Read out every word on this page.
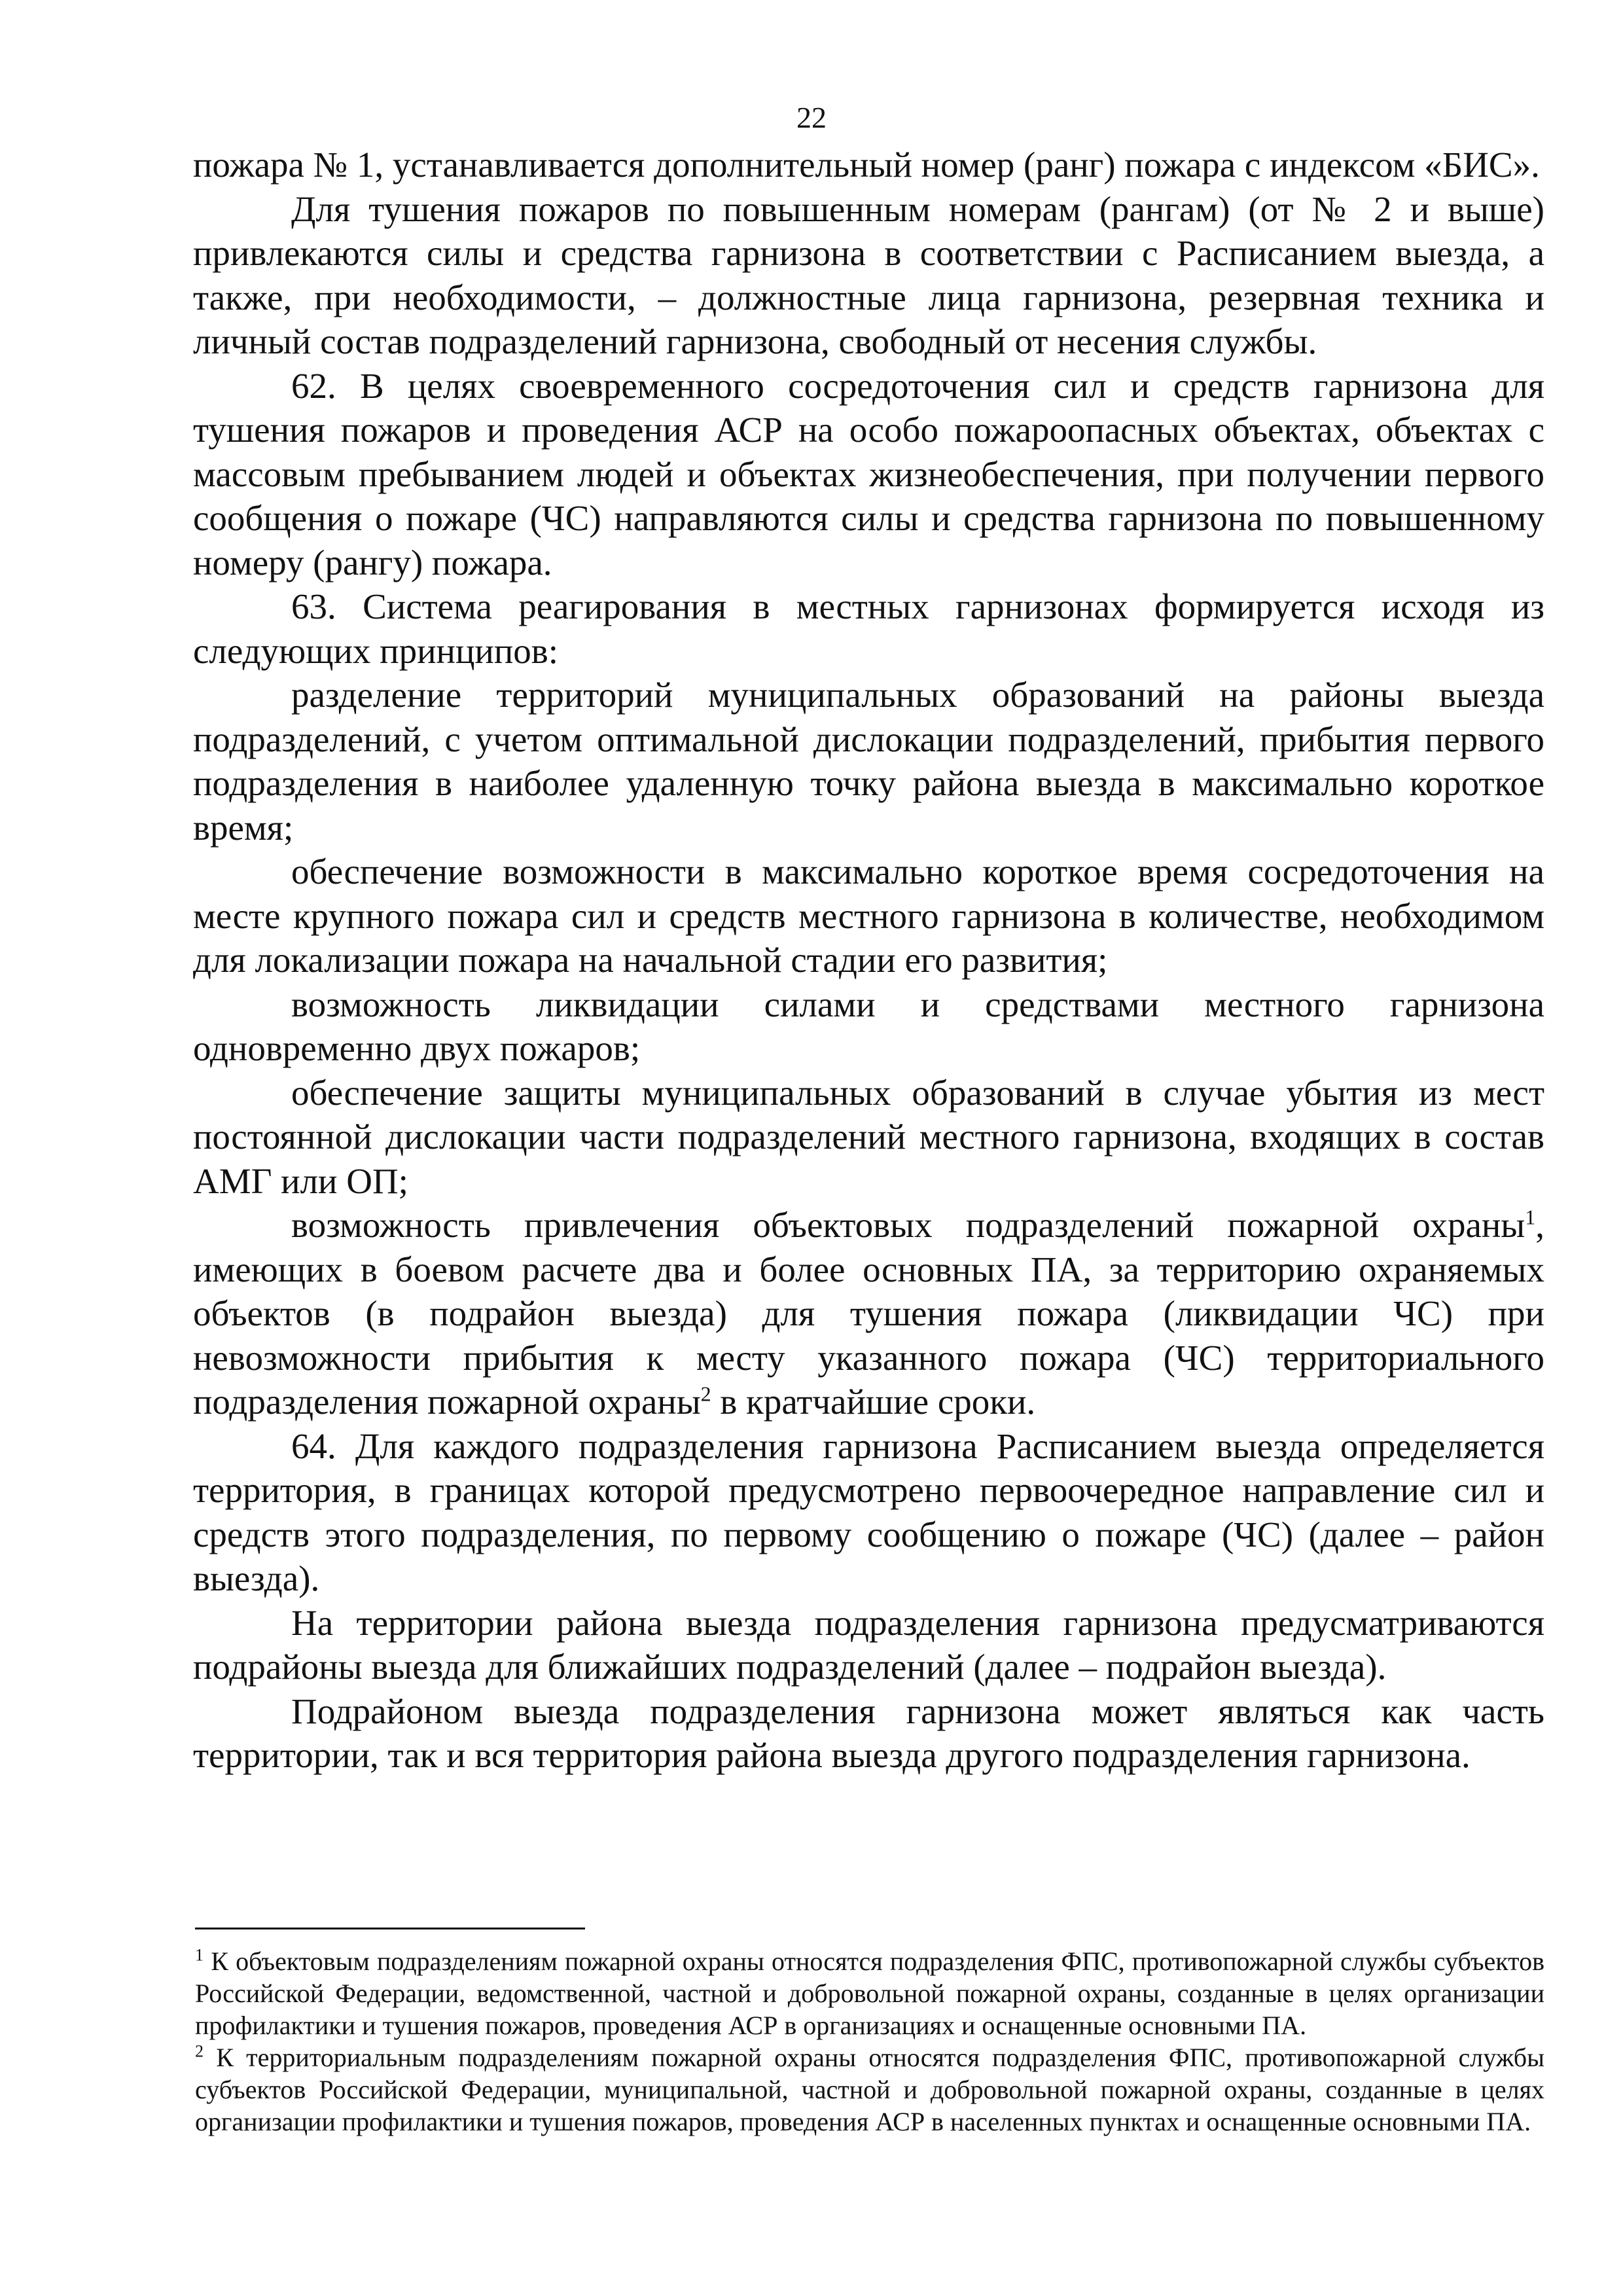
22

пожара № 1, устанавливается дополнительный номер (ранг) пожара с индексом «БИС».

Для тушения пожаров по повышенным номерам (рангам) (от № 2 и выше) привлекаются силы и средства гарнизона в соответствии с Расписанием выезда, а также, при необходимости, – должностные лица гарнизона, резервная техника и личный состав подразделений гарнизона, свободный от несения службы.

62. В целях своевременного сосредоточения сил и средств гарнизона для тушения пожаров и проведения АСР на особо пожароопасных объектах, объектах с массовым пребыванием людей и объектах жизнеобеспечения, при получении первого сообщения о пожаре (ЧС) направляются силы и средства гарнизона по повышенному номеру (рангу) пожара.

63. Система реагирования в местных гарнизонах формируется исходя из следующих принципов:

разделение территорий муниципальных образований на районы выезда подразделений, с учетом оптимальной дислокации подразделений, прибытия первого подразделения в наиболее удаленную точку района выезда в максимально короткое время;

обеспечение возможности в максимально короткое время сосредоточения на месте крупного пожара сил и средств местного гарнизона в количестве, необходимом для локализации пожара на начальной стадии его развития;

возможность ликвидации силами и средствами местного гарнизона одновременно двух пожаров;

обеспечение защиты муниципальных образований в случае убытия из мест постоянной дислокации части подразделений местного гарнизона, входящих в состав АМГ или ОП;

возможность привлечения объектовых подразделений пожарной охраны$^1$, имеющих в боевом расчете два и более основных ПА, за территорию охраняемых объектов (в подрайон выезда) для тушения пожара (ликвидации ЧС) при невозможности прибытия к месту указанного пожара (ЧС) территориального подразделения пожарной охраны$^2$ в кратчайшие сроки.

64. Для каждого подразделения гарнизона Расписанием выезда определяется территория, в границах которой предусмотрено первоочередное направление сил и средств этого подразделения, по первому сообщению о пожаре (ЧС) (далее – район выезда).

На территории района выезда подразделения гарнизона предусматриваются подрайоны выезда для ближайших подразделений (далее – подрайон выезда).

Подрайоном выезда подразделения гарнизона может являться как часть территории, так и вся территория района выезда другого подразделения гарнизона.

$^1$ К объектовым подразделениям пожарной охраны относятся подразделения ФПС, противопожарной службы субъектов Российской Федерации, ведомственной, частной и добровольной пожарной охраны, созданные в целях организации профилактики и тушения пожаров, проведения АСР в организациях и оснащенные основными ПА.

$^2$ К территориальным подразделениям пожарной охраны относятся подразделения ФПС, противопожарной службы субъектов Российской Федерации, муниципальной, частной и добровольной пожарной охраны, созданные в целях организации профилактики и тушения пожаров, проведения АСР в населенных пунктах и оснащенные основными ПА.
